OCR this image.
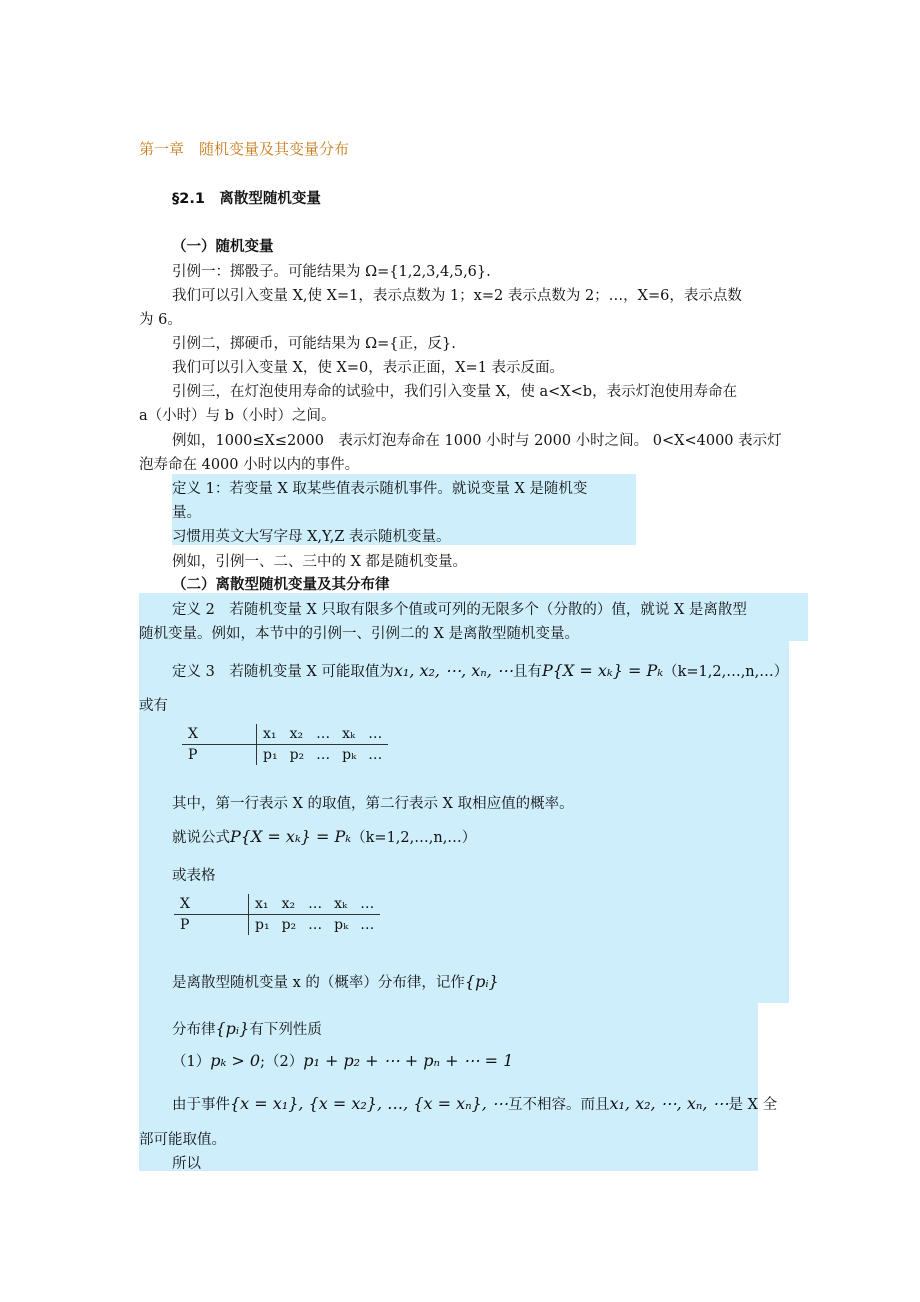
第一章　随机变量及其变量分布
§2.1　离散型随机变量
（一）随机变量
引例一：掷骰子。可能结果为 Ω={1,2,3,4,5,6}.
我们可以引入变量 X,使 X=1，表示点数为 1；x=2 表示点数为 2；…，X=6，表示点数
为 6。
引例二，掷硬币，可能结果为 Ω={正，反}.
我们可以引入变量 X，使 X=0，表示正面，X=1 表示反面。
引例三，在灯泡使用寿命的试验中，我们引入变量 X，使 a<X<b，表示灯泡使用寿命在
a（小时）与 b（小时）之间。
例如，1000≤X≤2000　表示灯泡寿命在 1000 小时与 2000 小时之间。 0<X<4000 表示灯
泡寿命在 4000 小时以内的事件。
定义 1：若变量 X 取某些值表示随机事件。就说变量 X 是随机变
量。
习惯用英文大写字母 X,Y,Z 表示随机变量。
例如，引例一、二、三中的 X 都是随机变量。
（二）离散型随机变量及其分布律
定义 2　若随机变量 X 只取有限多个值或可列的无限多个（分散的）值，就说 X 是离散型
随机变量。例如，本节中的引例一、引例二的 X 是离散型随机变量。
定义 3　若随机变量 X 可能取值为x₁, x₂, ⋯, xₙ, ⋯且有P{X = xₖ} = Pₖ（k=1,2,…,n,…）
或有
X	x₁	x₂	…	xₖ	…
P	p₁	p₂	…	pₖ	…
其中，第一行表示 X 的取值，第二行表示 X 取相应值的概率。
就说公式P{X = xₖ} = Pₖ（k=1,2,…,n,…）
或表格
X	x₁	x₂	…	xₖ	…
P	p₁	p₂	…	pₖ	…
是离散型随机变量 x 的（概率）分布律，记作{pᵢ}
分布律{pᵢ}有下列性质
（1）pₖ > 0;（2）p₁ + p₂ + ⋯ + pₙ + ⋯ = 1
由于事件{x = x₁}, {x = x₂}, …, {x = xₙ}, ⋯互不相容。而且x₁, x₂, ⋯, xₙ, ⋯是 X 全
部可能取值。
所以
